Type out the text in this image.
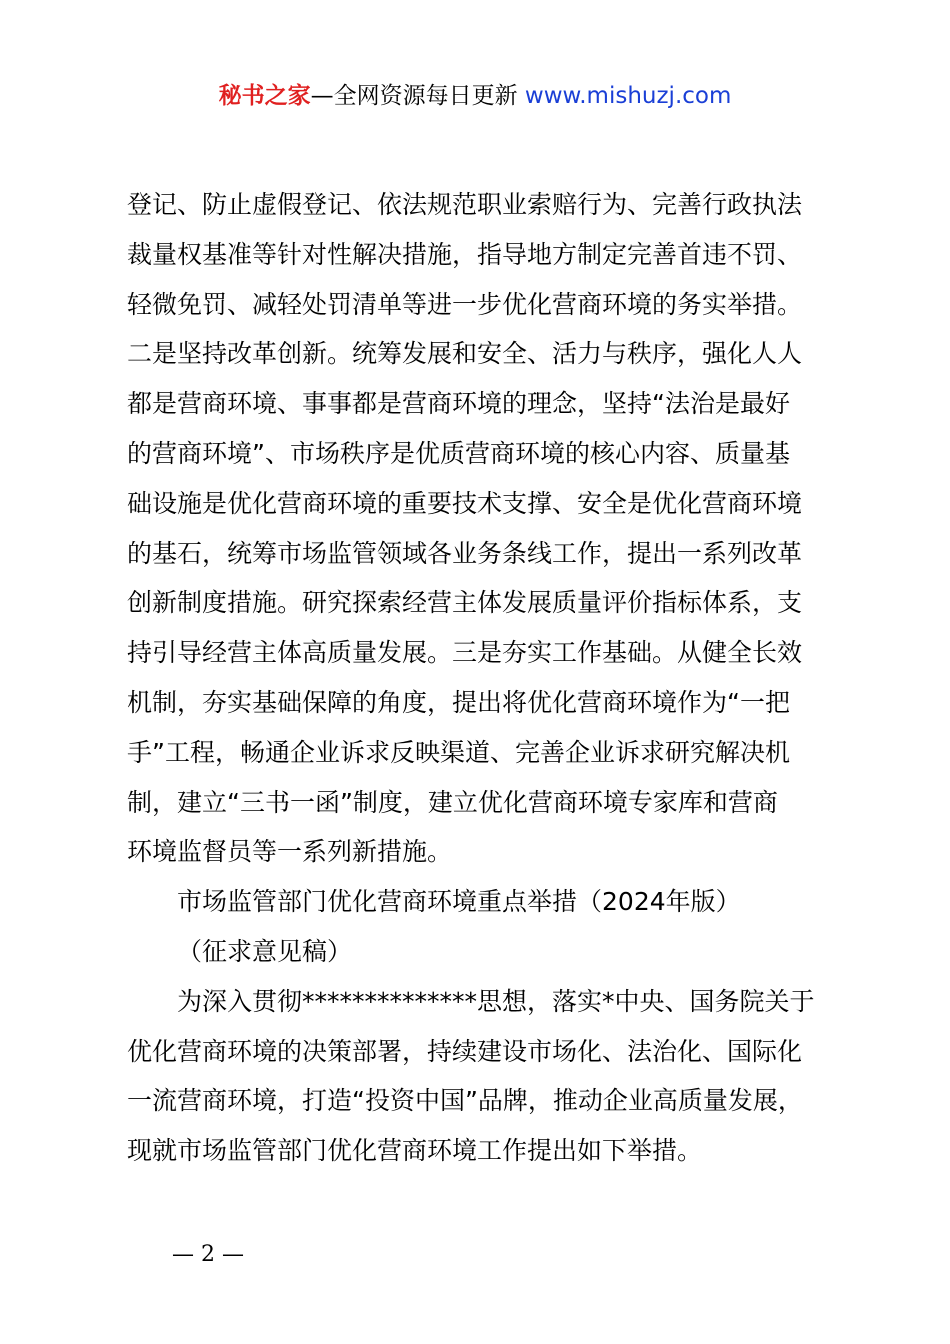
秘书之家—全网资源每日更新 www.mishuzj.com
登记、防止虚假登记、依法规范职业索赔行为、完善行政执法
裁量权基准等针对性解决措施，指导地方制定完善首违不罚、
轻微免罚、减轻处罚清单等进一步优化营商环境的务实举措。
二是坚持改革创新。统筹发展和安全、活力与秩序，强化人人
都是营商环境、事事都是营商环境的理念，坚持“法治是最好
的营商环境”、市场秩序是优质营商环境的核心内容、质量基
础设施是优化营商环境的重要技术支撑、安全是优化营商环境
的基石，统筹市场监管领域各业务条线工作，提出一系列改革
创新制度措施。研究探索经营主体发展质量评价指标体系，支
持引导经营主体高质量发展。三是夯实工作基础。从健全长效
机制，夯实基础保障的角度，提出将优化营商环境作为“一把
手”工程，畅通企业诉求反映渠道、完善企业诉求研究解决机
制，建立“三书一函”制度，建立优化营商环境专家库和营商
环境监督员等一系列新措施。
市场监管部门优化营商环境重点举措（2024年版）
（征求意见稿）
为深入贯彻**************思想，落实*中央、国务院关于
优化营商环境的决策部署，持续建设市场化、法治化、国际化
一流营商环境，打造“投资中国”品牌，推动企业高质量发展，
现就市场监管部门优化营商环境工作提出如下举措。
— 2 —
